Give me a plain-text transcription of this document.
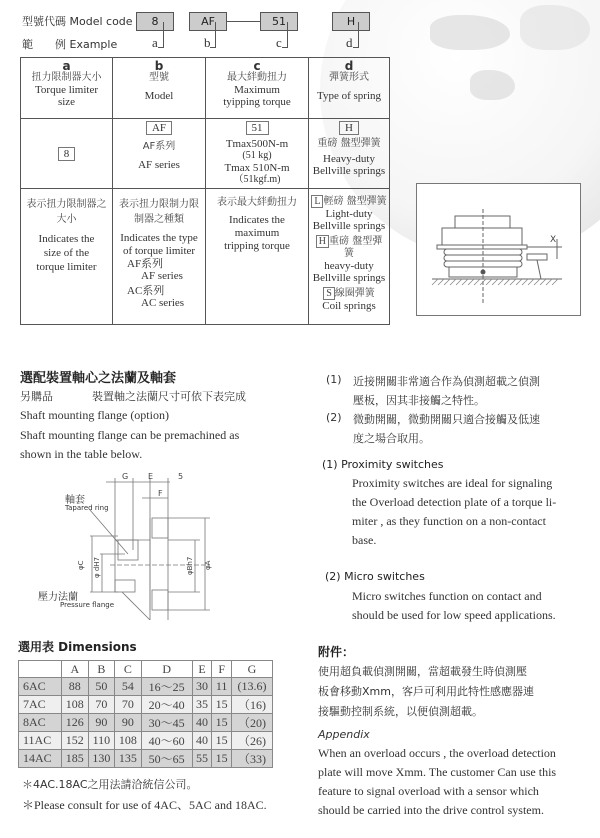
型號代碼 Model code
範　　例 Example
8	AF	51	H
a	b	c	d
a
扭力限制器大小
Torque limiter size

b
型號
Model

c
最大絆動扭力
Maximum tyipping torque

d
彈簧形式
Type of spring

8	AF
AF系列
AF series
	51
Tmax500N-m
(51 kg)
Tmax 510N-m
（51kgf.m)
	H
重磅 盤型彈簧
Heavy-duty
Bellville springs

表示扭力限制器之大小
Indicates the size of the torque limiter

表示扭力限制力限制器之種類
Indicates the type of torque limiter
AF系列
AF series
AC系列
AC series

表示最大絆動扭力
Indicates the maximum tripping torque

L 輕磅 盤型彈簧
Light-duty
Bellville springs
H 重磅 盤型彈簧
heavy-duty
Bellville springs
S 線圈彈簧
Coil springs
X
選配裝置軸心之法蘭及軸套
另購品	裝置軸之法蘭尺寸可依下表完成
Shaft mounting flange (option)
Shaft mounting flange can be premachined as
shown in the table below.
G E	5
F
φC φ dH7	φBh7 φA
軸套
Tapared ring
壓力法蘭
Pressure flange
選用表 Dimensions
	A	B	C	D	E	F	G
6AC	88	50	54	16～25	30	11	(13.6)
7AC	108	70	70	20～40	35	15	（16)
8AC	126	90	90	30～45	40	15	（20)
11AC	152	110	108	40～60	40	15	（26)
14AC	185	130	135	50～65	55	15	（33)
＊4AC.18AC之用法請洽統信公司。
＊Please consult for use of 4AC、5AC and 18AC.
(1) 近接開關非常適合作為偵測超載之偵測
壓板，因其非接觸之特性。
(2) 微動開關，微動開關只適合接觸及低速
度之場合取用。
(1) Proximity switches
Proximity switches are ideal for signaling
the Overload detection plate of a torque li-
miter , as they function on a non-contact
base.
(2) Micro switches
Micro switches function on contact and
should be used for low speed applications.
附件：
使用超負載偵測開關，當超載發生時偵測壓
板會移動Xmm，客戶可利用此特性感應器連
接驅動控制系統，以便偵測超載。
Appendix
When an overload occurs , the overload detection
plate will move Xmm. The customer Can use this
feature to signal overload with a sensor which
should be carried into the drive control system.
